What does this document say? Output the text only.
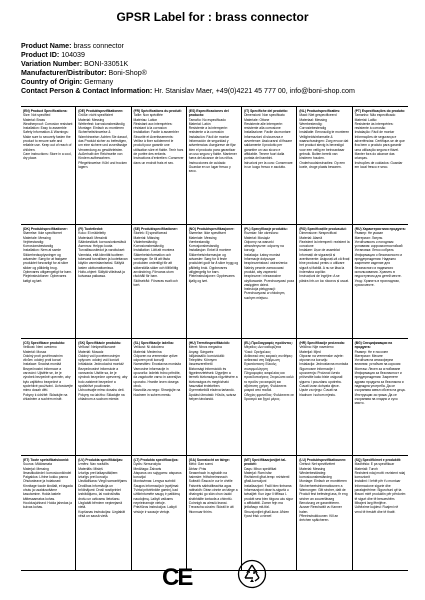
GPSR Label for : brass connector
Product Name: brass connector
Product ID: 104039
Variation Number: BONI-33051K
Manufacturer/Distributor: Boni-Shop®
Country of Origin: Germany
Contact Person & Contact Information: Hr. Stanislav Maer, +49(0)4221 45 777 00, info@boni-shop.com
(EN) Product Specifications:
Size: Not specified
Material: Brass
Weatherproof: Corrosion resistant
Installation: Easy to assemble
Safety Information & Warnings: Make sure to securely fasten the product to ensure safe and reliable use. Keep out of reach of children.
Care instructions: Store in a cool, dry place.
(DE) Produktspezifikationen:
Größe: nicht spezifiziert
Material: Messing
Wetterfest: korrosionsbeständig
Montage: Einfach zu montieren
Sicherheitshinweise & Warnhinweise: Achten Sie darauf, das Produkt sicher zu befestigen, um eine sichere und zuverlässige Verwendung zu gewährleisten. Außerhalb der Reichweite von Kindern aufbewahren.
Pflegehinweise: Kühl und trocken lagern.
(FR) Spécifications du produit:
Taille: Non spécifiée
Matériau: Laiton
Résistant aux intempéries: résistant à la corrosion
Installation: Facile à assembler
Sécurité et Avertissements: Veillez à fixer solidement le produit pour garantir une utilisation sûre et fiable. Tenir hors de portée des enfants.
Instructions d'entretien: Conserver dans un endroit frais et sec.
(ES) Especificaciones del producto:
Tamaño: No especificado
Material: Latón
Resistente a la intemperie: resistente a la corrosión
Instalación: Fácil de montar
Información de seguridad y advertencias: Asegúrese de fijar bien el producto para garantizar un uso seguro y fiable. Mantener fuera del alcance de los niños.
Instrucciones de cuidado: Guardar en un lugar fresco y seco.
(IT) Specifiche del prodotto:
Dimensioni: Non specificato
Materiale: Ottone
Resistente alle intemperie: resistente alla corrosione
Installazione: Facile da montare
Informazioni di sicurezza e avvertenze: Assicurarsi di fissare saldamente il prodotto per garantire un uso sicuro e affidabile. Tenere fuori dalla portata dei bambini.
Istruzioni per la cura: Conservare in un luogo fresco e asciutto.
(NL) Productspecificaties:
Maat: Niet gespecificeerd
Materiaal: Messing
Weerbestendig: Corrosiebestendig
Installatie: Eenvoudig te monteren
Veiligheidsinformatie & waarschuwingen: Zorg ervoor dat het product stevig is bevestigd voor een veilig en betrouwbaar gebruik. Buiten bereik van kinderen houden.
Onderhoudsinstructies: Op een koele, droge plaats bewaren.
(PT) Especificações do produto:
Tamanho: Não especificado
Material: Latão
Resistente às intempéries: resistente à corrosão
Instalação: Fácil de montar
Informações de segurança e advertências: Certifique-se de que fixa bem o produto para garantir uma utilização segura e fiável. Manter fora do alcance das crianças.
Instruções de cuidados: Guardar em local fresco e seco.
(DK) Produktspecifikationer:
Størrelse: Ikke specificeret
Materiale: Messing
Vejrbestandig: Korrosionsbestandig
Installation: Nem at samle
Sikkerhedsoplysninger og advarsler: Sørg for at fastgøre produktet forsvarligt for at sikre sikker og pålidelig brug. Opbevares utilgængeligt for børn.
Plejeinstruktioner: Opbevares køligt og tørt.
(FI) Tuotetiedot:
Koko: Ei määritelty
Materiaali: Messinki
Säänkestävä: korroosionkestävä
Asennus: Helppo koota
Turvallisuustiedot ja varoitukset: Varmista, että kiinnität tuotteen tukevasti turvallisen ja luotettavan käytön varmistamiseksi. Säilytä lasten ulottumattomissa.
Hoito-ohjeet: Säilytä viileässä ja kuivassa paikassa.
(SE) Produktspecifikationer:
Storlek: Ej specificerad
Material: Mässing
Väderbeständig: Korrosionsbeständig
Installation: Lätt att montera
Säkerhetsinformation och varningar: Se till att fästa produkten ordentligt för att säkerställa säker och tillförlitlig användning. Förvaras utom räckhåll för barn.
Skötselråd: Förvaras svalt och torrt.
(NO) Produktspesifikasjoner:
Størrelse: Ikke spesifisert
Materiale: Messing
Værbestandig: Korrosjonsbestandig
Installasjon: Enkel å montere
Sikkerhetsinformasjon og advarsler: Sørg for å feste produktet godt for å sikre trygg og pålitelig bruk. Oppbevares utilgjengelig for barn.
Pleieinstruksjoner: Oppbevares kjølig og tørt.
(PL) Specyfikacje produktu:
Rozmiar: Nie określono
Materiał: Mosiądz
Odporny na warunki atmosferyczne: odporny na korozję
Instalacja: Łatwy montaż
Informacje dotyczące bezpieczeństwa i ostrzeżenia: Należy pewnie zamocować produkt, aby zapewnić bezpieczne i niezawodne użytkowanie. Przechowywać poza zasięgiem dzieci.
Instrukcja pielęgnacji: Przechowywać w chłodnym, suchym miejscu.
(RO) Specificațiile produsului:
Dimensiune: Nespecificat
Material: Alamă
Rezistent la intemperii: rezistent la coroziune
Instalare: Ușor de asamblat
Informații de siguranță și avertismente: Asigurați-vă că fixați bine produsul pentru o utilizare sigură și fiabilă. A nu se lăsa la îndemâna copiilor.
Instrucțiuni de îngrijire: A se păstra într-un loc răcoros și uscat.
(RU) Характеристики продукта:
Размер: Не указан
Материал: Латунь
Устойчивость к погодным условиям: коррозионностойкий
Установка: Легко собрать
Информация о безопасности и предупреждения: Надежно закрепите изделие для безопасного и надежного использования. Хранить в недоступном для детей месте.
Уход: Хранить в прохладном, сухом месте.
(CS) Specifikace produktu:
Velikost: Není uvedeno
Materiál: Mosaz
Odolný proti povětrnostním vlivům: odolný proti korozi
Instalace: Snadná montáž
Bezpečnostní informace a varování: Ujistěte se, že je výrobek bezpečně upevněn, aby bylo zajištěno bezpečné a spolehlivé používání. Uchovávejte mimo dosah dětí.
Pokyny k údržbě: Skladujte na chladném a suchém místě.
(SK) Špecifikácie produktu:
Veľkosť: Nešpecifikované
Materiál: Mosadz
Odolný voči poveternostným vplyvom: odolný voči korózii
Inštalácia: Jednoduchá montáž
Bezpečnostné informácie a varovania: Uistite sa, že je výrobok bezpečne upevnený, aby bolo zaistené bezpečné a spoľahlivé používanie. Uchovávajte mimo dosahu detí.
Pokyny na údržbu: Skladujte na chladnom a suchom mieste.
(SL) Specifikacije izdelka:
Velikost: Ni določeno
Material: Medenina
Odporen na vremenske vplive: odporen proti koroziji
Namestitev: Enostavna montaža
Varnostne informacije in opozorila: Izdelek trdno pritrdite, da zagotovite varno in zanesljivo uporabo. Hranite izven dosega otrok.
Navodila za nego: Shranjujte na hladnem in suhem mestu.
(HU) Termékspecifikációk:
Méret: Nincs megadva
Anyag: Sárgaréz
Időjárásálló: korrózióálló
Telepítés: Könnyen összeszerelhető
Biztonsági információk és figyelmeztetések: Ügyeljen a termék biztonságos rögzítésére a biztonságos és megbízható használat érdekében. Gyermekektől elzárva tartandó.
Ápolási útmutató: Hűvös, száraz helyen tárolandó.
(EL) Προδιαγραφές προϊόντος:
Μέγεθος: Δεν καθορίζεται
Υλικό: Ορείχαλκος
Ανθεκτικό στις καιρικές συνθήκες: ανθεκτικό στη διάβρωση
Εγκατάσταση: Εύκολη συναρμολόγηση
Πληροφορίες ασφαλείας και προειδοποιήσεις: Στερεώστε καλά το προϊόν για ασφαλή και αξιόπιστη χρήση. Φυλάσσετε μακριά από παιδιά.
Οδηγίες φροντίδας: Φυλάσσετε σε δροσερό και ξηρό μέρος.
(HR) Specifikacije proizvoda:
Veličina: Nije navedeno
Materijal: Mjed
Otporan na vremenske uvjete: otporan na koroziju
Instalacija: Jednostavna montaža
Sigurnosne informacije i upozorenja: Proizvod čvrsto pričvrstite kako biste osigurali sigurnu i pouzdanu upotrebu. Čuvati izvan dohvata djece.
Upute za njegu: Čuvati na hladnom i suhom mjestu.
(BG) Спецификации на продукта:
Размер: Не е посочен
Материал: Месинг
Устойчив на атмосферни влияния: устойчив на корозия
Монтаж: Лесен за сглобяване
Информация за безопасност и предупреждения: Закрепете здраво продукта за безопасна и надеждна употреба. Да се съхранява извън обсега на деца.
Инструкции за грижа: Да се съхранява на хладно и сухо място.
(ET) Toote spetsifikatsioonid:
Suurus: Määramata
Materjal: Messing
Ilmastikukindel: korrosioonikindel
Paigaldus: Lihtne kokku panna
Ohutusteave ja hoiatused: Kinnitage toode kindlalt, et tagada ohutu ja usaldusväärne kasutamine. Hoida lastele kättesaamatus kohas.
Hooldusjuhised: Hoida jahedas ja kuivas kohas.
(LV) Produkta specifikācijas:
Izmērs: Nav norādīts
Materiāls: Misiņš
Izturīgs pret laikapstākļiem: izturīgs pret koroziju
Uzstādīšana: Viegli samontējams
Drošības informācija un brīdinājumi: Droši nostipriniet izstrādājumu, lai nodrošinātu drošu un uzticamu lietošanu. Uzglabāt bērniem nepieejamā vietā.
Kopšanas instrukcijas: Uzglabāt vēsā un sausā vietā.
(LT) Produkto specifikacijos:
Dydis: Nenurodyta
Medžiaga: Žalvaris
Atsparus oro sąlygoms: atsparus korozijai
Montavimas: Lengva surinkti
Saugos informacija ir įspėjimai: Tvirtai pritvirtinkite gaminį, kad užtikrintumėte saugų ir patikimą naudojimą. Laikyti vaikams neprieinamoje vietoje.
Priežiūros instrukcijos: Laikyti vėsioje ir sausoje vietoje.
(GA) Sonraíocht an táirge:
Méid: Gan sonrú
Ábhar: Prás
Seasmhach in aghaidh na haimsire: frithchreimneach
Suiteáil: Éasca le cur le chéile
Faisnéis sábháilteachta agus rabhaidh: Déan cinnte an táirge a dhaingniú go slán chun úsáid shábháilte iontaofa a chinntiú. Coinnigh as aimsiú leanaí.
Treoracha cúraim: Stóráil in áit fhionnuar thirim.
(MT) Speċifikazzjonijiet tal-prodott:
Daqs: Mhux speċifikat
Materjal: Ram isfar
Reżistenti għat-temp: reżistenti għall-korrużjoni
Installazzjoni: Faċli biex tintrama
Informazzjoni dwar is-sigurtà u twissijiet: Kun żgur li tiffissa l-prodott sew biex tiżgura użu sigur u affidabbli. Żomm fejn ma jintlaħaqx mit-tfal.
Struzzjonijiet għall-kura: Aħżen f'post frisk u niexef.
(LU) Produktspezifikatiounen:
Gréisst: Net spezifizéiert
Material: Messing
Wiederbeständeg: korrosiounsbeständeg
Montage: Einfach ze montéieren
Sécherheetsinformatiounen a Warnungen: Gitt sécher, datt de Produit fest befestegt ass, fir eng sécher an zouverlässeg Benotzung ze garantéieren. Ausser Reechwäit vu Kanner halen.
Pfleeinstruktiounen: Kill an dréchen späicheren.
(SQ) Specifikimet e produktit:
Madhësia: E pa specifikuar
Materiali: Tunxh
Rezistent ndaj motit: rezistent ndaj korrozionit
Instalimi: I lehtë për t'u montuar
Informacione sigurie dhe paralajmërime: Sigurohuni që ta fiksoni mirë produktin për përdorim të sigurt dhe të besueshëm. Mbajeni larg fëmijëve.
Udhëzime kujdesi: Ruajeni në vend të freskët dhe të thatë.
CE
